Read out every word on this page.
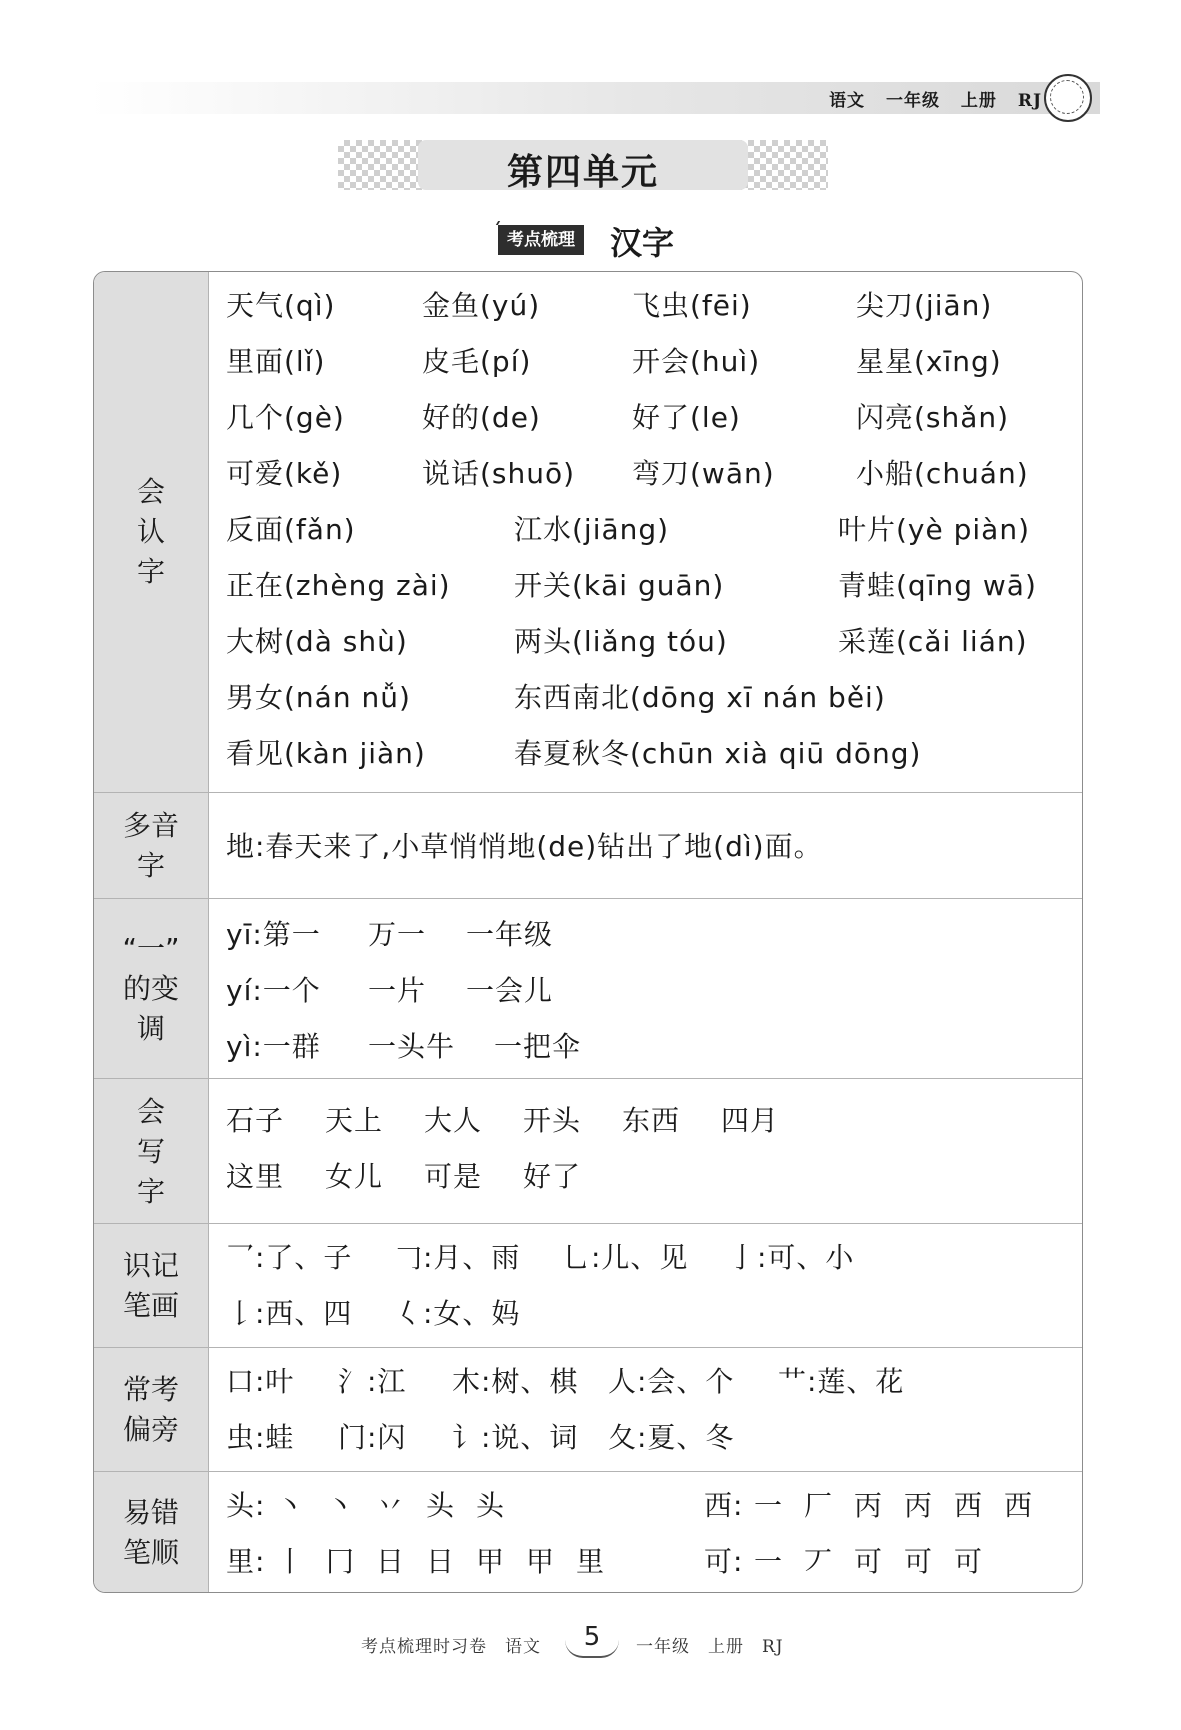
语文 一年级 上册 RJ
第四单元
考点梳理 汉字
会
认
字
天气(qì)	金鱼(yú)	飞虫(fēi)	尖刀(jiān)
里面(lǐ)	皮毛(pí)	开会(huì)	星星(xīng)
几个(gè)	好的(de)	好了(le)	闪亮(shǎn)
可爱(kě)	说话(shuō) 弯刀(wān)	小船(chuán)
反面(fǎn)	江水(jiāng)	叶片(yè piàn)
正在(zhèng zài) 开关(kāi guān)	青蛙(qīng wā)
大树(dà shù)	两头(liǎng tóu)	采莲(cǎi lián)
男女(nán nǚ)	东西南北(dōng xī nán běi)
看见(kàn jiàn)	春夏秋冬(chūn xià qiū dōng)
多音
字
地:春天来了,小草悄悄地(de)钻出了地(dì)面。
“一”
的变
调
yī:第一 万一 一年级
yí:一个 一片 一会儿
yì:一群 一头牛 一把伞
会
写
字
石子 天上 大人 开头 东西 四月
这里 女儿 可是 好了
识记
笔画
乛:了、子 𠃌:月、雨 乚:儿、见 亅:可、小
𠄌:西、四 𡿨:女、妈
常考
偏旁
口:叶 氵:江 木:树、棋 人:会、个 艹:莲、花
虫:蛙 门:闪 讠:说、词 夂:夏、冬
易错
笔顺
头: 丶 丶 丷 头 头	西: 一 厂 丙 丙 西 西
里: 丨 冂 日 日 甲 甲 里	可: 一 丆 可 可 可
考点梳理时习卷　语文	5	一年级　上册　RJ
